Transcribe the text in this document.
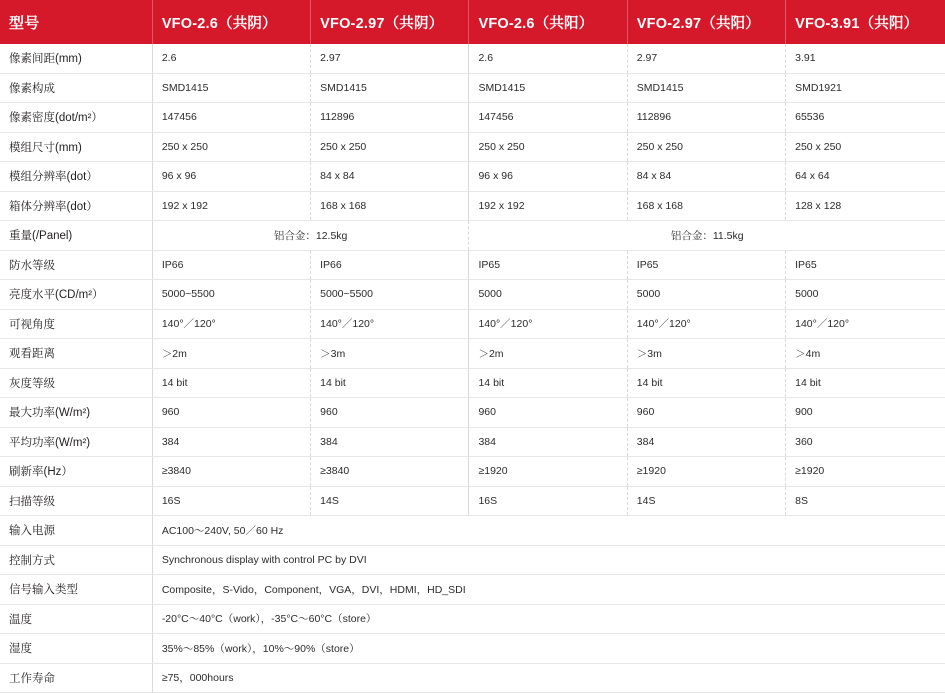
型号	VFO-2.6（共阴）	VFO-2.97（共阴）	VFO-2.6（共阳）	VFO-2.97（共阳）	VFO-3.91（共阳）
像素间距(mm)	2.6	2.97	2.6	2.97	3.91
像素构成	SMD1415	SMD1415	SMD1415	SMD1415	SMD1921
像素密度(dot/m²）	147456	112896	147456	112896	65536
模组尺寸(mm)	250 x 250	250 x 250	250 x 250	250 x 250	250 x 250
模组分辨率(dot）	96 x 96	84 x 84	96 x 96	84 x 84	64 x 64
箱体分辨率(dot）	192 x 192	168 x 168	192 x 192	168 x 168	128 x 128
重量(/Panel)	铝合金：12.5kg		铝合金：11.5kg		
防水等级	IP66	IP66	IP65	IP65	IP65
亮度水平(CD/m²）	5000~5500	5000~5500	5000	5000	5000
可视角度	140°／120°	140°／120°	140°／120°	140°／120°	140°／120°
观看距离	＞2m	＞3m	＞2m	＞3m	＞4m
灰度等级	14 bit	14 bit	14 bit	14 bit	14 bit
最大功率(W/m²)	960	960	960	960	900
平均功率(W/m²)	384	384	384	384	360
刷新率(Hz）	≥3840	≥3840	≥1920	≥1920	≥1920
扫描等级	16S	14S	16S	14S	8S
输入电源	AC100～240V, 50／60 Hz				
控制方式	Synchronous display with control PC by DVI				
信号输入类型	Composite，S-Vido，Component，VGA，DVI，HDMI，HD_SDI				
温度	-20°C～40°C（work），-35°C～60°C（store）				
湿度	35%～85%（work），10%～90%（store）				
工作寿命	≥75，000hours				
